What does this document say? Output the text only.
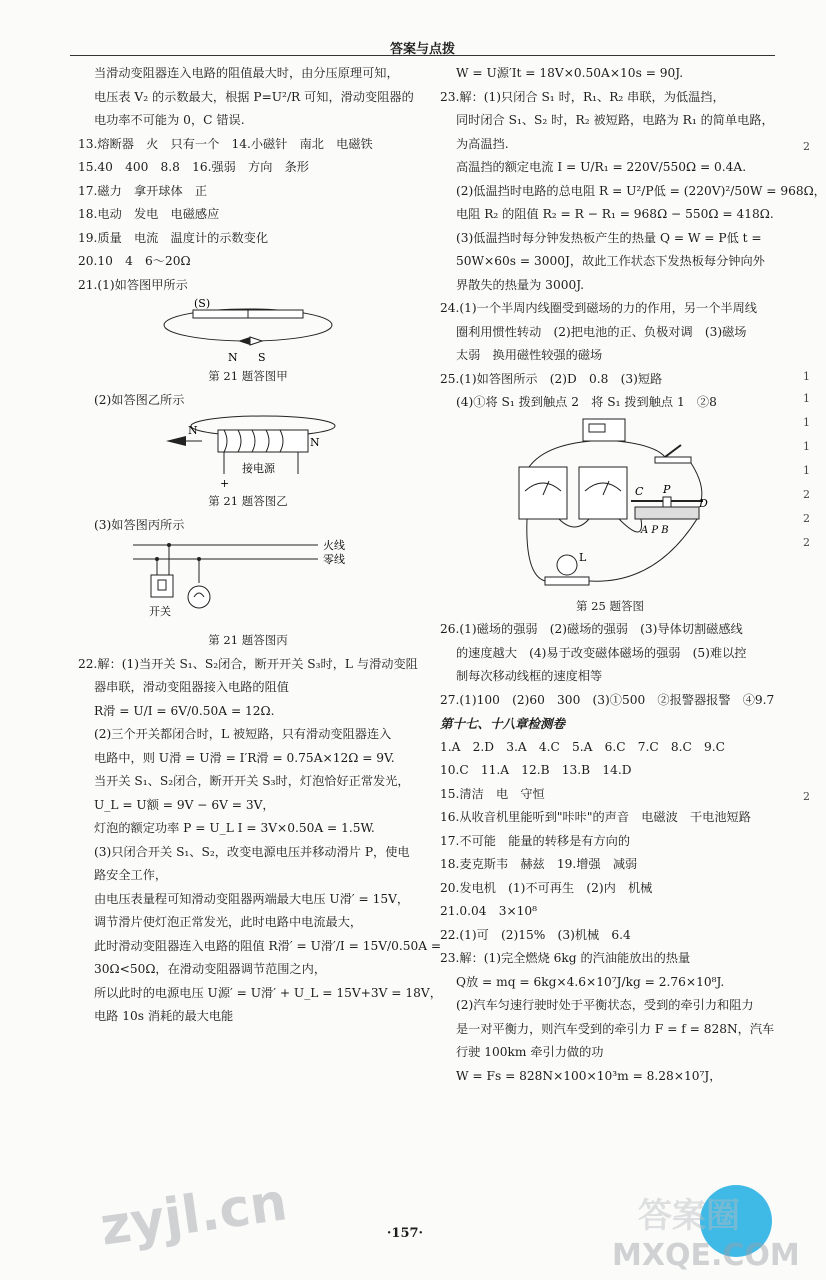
答案与点拨
当滑动变阻器连入电路的阻值最大时，由分压原理可知，
电压表 V₂ 的示数最大，根据 P=U²/R 可知，滑动变阻器的
电功率不可能为 0，C 错误.
13.熔断器　火　只有一个　14.小磁针　南北　电磁铁
15.40　400　8.8　16.强弱　方向　条形
17.磁力　拿开球体　正
18.电动　发电　电磁感应
19.质量　电流　温度计的示数变化
20.10　4　6～20Ω
21.(1)如答图甲所示
(S)
N S
第 21 题答图甲
(2)如答图乙所示
N
N
接电源
+
第 21 题答图乙
(3)如答图丙所示
火线
零线
开关
第 21 题答图丙
22.解：(1)当开关 S₁、S₂闭合，断开开关 S₃时，L 与滑动变阻
器串联，滑动变阻器接入电路的阻值
R滑 = U/I = 6V/0.50A = 12Ω.
(2)三个开关都闭合时，L 被短路，只有滑动变阻器连入
电路中，则 U滑 = U滑 = I′R滑 = 0.75A×12Ω = 9V.
当开关 S₁、S₂闭合，断开开关 S₃时，灯泡恰好正常发光，
U_L = U额 = 9V − 6V = 3V，
灯泡的额定功率 P = U_L I = 3V×0.50A = 1.5W.
(3)只闭合开关 S₁、S₂，改变电源电压并移动滑片 P，使电
路安全工作，
由电压表量程可知滑动变阻器两端最大电压 U滑′ = 15V，
调节滑片使灯泡正常发光，此时电路中电流最大，
此时滑动变阻器连入电路的阻值 R滑′ = U滑′/I = 15V/0.50A =
30Ω<50Ω，在滑动变阻器调节范围之内，
所以此时的电源电压 U源′ = U滑′ + U_L = 15V+3V = 18V，
电路 10s 消耗的最大电能
W = U源′It = 18V×0.50A×10s = 90J.
23.解：(1)只闭合 S₁ 时，R₁、R₂ 串联，为低温挡，
同时闭合 S₁、S₂ 时，R₂ 被短路，电路为 R₁ 的简单电路，
为高温挡.
高温挡的额定电流 I = U/R₁ = 220V/550Ω = 0.4A.
(2)低温挡时电路的总电阻 R = U²/P低 = (220V)²/50W = 968Ω，
电阻 R₂ 的阻值 R₂ = R − R₁ = 968Ω − 550Ω = 418Ω.
(3)低温挡时每分钟发热板产生的热量 Q = W = P低 t =
50W×60s = 3000J，故此工作状态下发热板每分钟向外
界散失的热量为 3000J.
24.(1)一个半周内线圈受到磁场的力的作用，另一个半周线
圈利用惯性转动　(2)把电池的正、负极对调　(3)磁场
太弱　换用磁性较强的磁场
25.(1)如答图所示　(2)D　0.8　(3)短路
(4)①将 S₁ 拨到触点 2　将 S₁ 拨到触点 1　②8
C P
D
A P B
L
第 25 题答图
26.(1)磁场的强弱　(2)磁场的强弱　(3)导体切割磁感线
的速度越大　(4)易于改变磁体磁场的强弱　(5)难以控
制每次移动线框的速度相等
27.(1)100　(2)60　300　(3)①500　②报警器报警　④9.7
第十七、十八章检测卷
1.A　2.D　3.A　4.C　5.A　6.C　7.C　8.C　9.C
10.C　11.A　12.B　13.B　14.D
15.清洁　电　守恒
16.从收音机里能听到"咔咔"的声音　电磁波　干电池短路
17.不可能　能量的转移是有方向的
18.麦克斯韦　赫兹　19.增强　减弱
20.发电机　(1)不可再生　(2)内　机械
21.0.04　3×10⁸
22.(1)可　(2)15%　(3)机械　6.4
23.解：(1)完全燃烧 6kg 的汽油能放出的热量
Q放 = mq = 6kg×4.6×10⁷J/kg = 2.76×10⁸J.
(2)汽车匀速行驶时处于平衡状态，受到的牵引力和阻力
是一对平衡力，则汽车受到的牵引力 F = f = 828N，汽车
行驶 100km 牵引力做的功
W = Fs = 828N×100×10³m = 8.28×10⁷J，
2
2
1
1
1
1
1
2
2
2
·157·
zyjl.cn	答案圈
MXQE.COM
